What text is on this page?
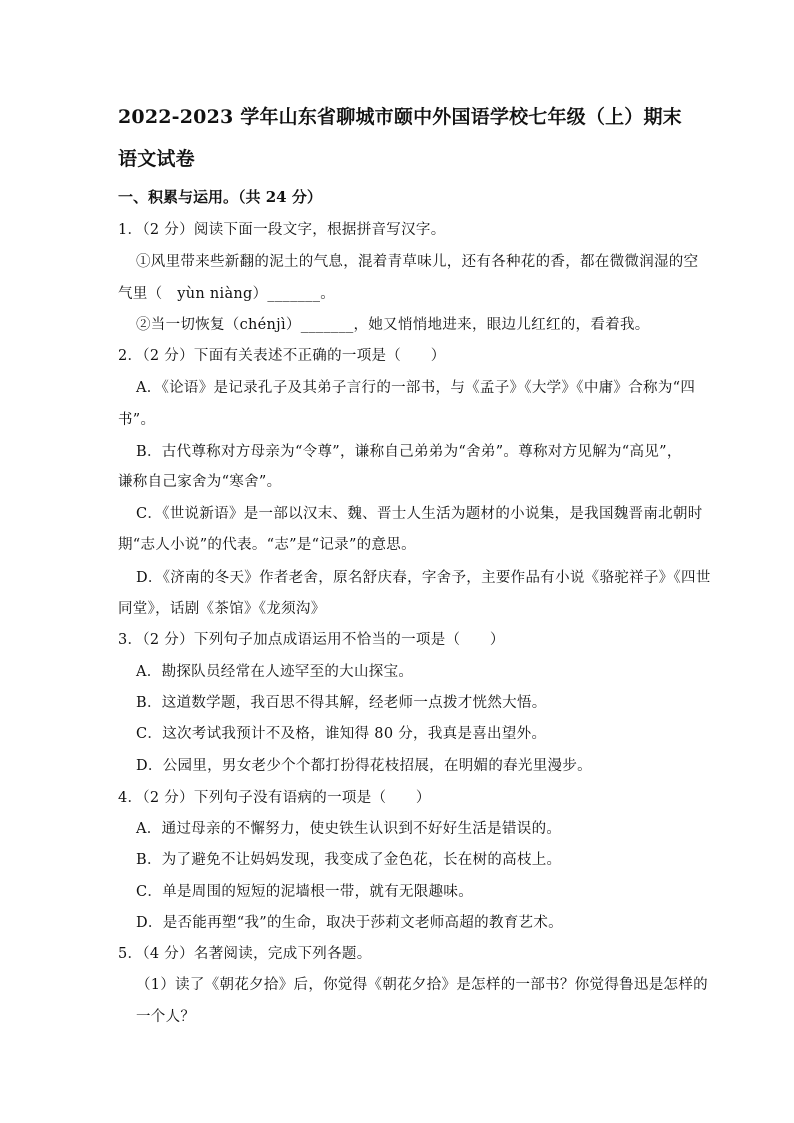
2022-2023 学年山东省聊城市颐中外国语学校七年级（上）期末
语文试卷
一、积累与运用。（共 24 分）
1．（2 分）阅读下面一段文字，根据拼音写汉字。
①风里带来些新翻的泥土的气息，混着青草味儿，还有各种花的香，都在微微润湿的空
气里（　yùn niàng）_______。
②当一切恢复（chénjì）_______，她又悄悄地进来，眼边儿红红的，看着我。
2．（2 分）下面有关表述不正确的一项是（　　）
A．《论语》是记录孔子及其弟子言行的一部书，与《孟子》《大学》《中庸》合称为“四
书”。
B．古代尊称对方母亲为“令尊”，谦称自己弟弟为“舍弟”。尊称对方见解为“高见”，
谦称自己家舍为“寒舍”。
C．《世说新语》是一部以汉末、魏、晋士人生活为题材的小说集，是我国魏晋南北朝时
期“志人小说”的代表。“志”是“记录”的意思。
D．《济南的冬天》作者老舍，原名舒庆春，字舍予，主要作品有小说《骆驼祥子》《四世
同堂》，话剧《茶馆》《龙须沟》
3．（2 分）下列句子加点成语运用不恰当的一项是（　　）
A．勘探队员经常在人迹罕至的大山探宝。
B．这道数学题，我百思不得其解，经老师一点拨才恍然大悟。
C．这次考试我预计不及格，谁知得 80 分，我真是喜出望外。
D．公园里，男女老少个个都打扮得花枝招展，在明媚的春光里漫步。
4．（2 分）下列句子没有语病的一项是（　　）
A．通过母亲的不懈努力，使史铁生认识到不好好生活是错误的。
B．为了避免不让妈妈发现，我变成了金色花，长在树的高枝上。
C．单是周围的短短的泥墙根一带，就有无限趣味。
D．是否能再塑“我”的生命，取决于莎莉文老师高超的教育艺术。
5．（4 分）名著阅读，完成下列各题。
（1）读了《朝花夕拾》后，你觉得《朝花夕拾》是怎样的一部书？你觉得鲁迅是怎样的
一个人？
